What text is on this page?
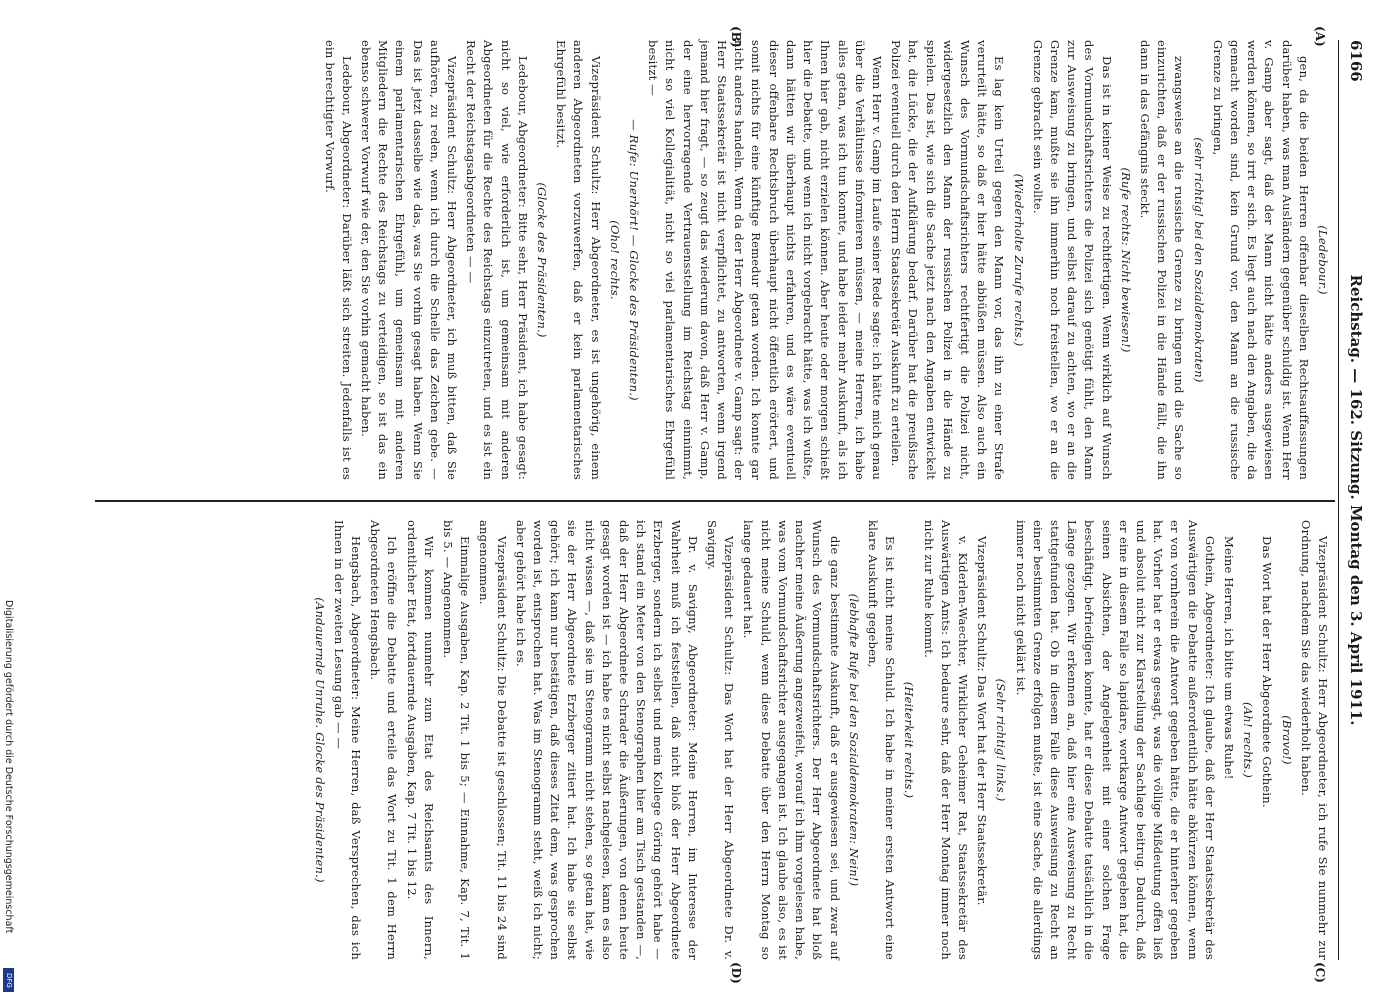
6166
Reichstag. — 162. Sitzung. Montag den 3. April 1911.
(A)
(B)
(C)
(D)

(Ledebour.)

gen, da die beiden Herren offenbar dieselben Rechtsauffassungen darüber haben, was man Ausländern gegenüber schuldig ist. Wenn Herr v. Gamp aber sagt, daß der Mann nicht hätte anders ausgewiesen werden können, so irrt er sich. Es liegt auch nach den Angaben, die da gemacht worden sind, kein Grund vor, den Mann an die russische Grenze zu bringen,

(sehr richtig! bei den Sozialdemokraten)

zwangsweise an die russische Grenze zu bringen und die Sache so einzurichten, daß er der russischen Polizei in die Hände fällt, die ihn dann in das Gefängnis steckt.

(Rufe rechts: Nicht bewiesen!)

Das ist in keiner Weise zu rechtfertigen. Wenn wirklich auf Wunsch des Vormundschaftsrichters die Polizei sich genötigt fühlt, den Mann zur Ausweisung zu bringen, und selbst darauf zu achten, wo er an die Grenze kam, mußte sie ihn immerhin noch freistellen, wo er an die Grenze gebracht sein wollte.

(Wiederholte Zurufe rechts.)

Es lag kein Urteil gegen den Mann vor, das ihn zu einer Strafe verurteilt hätte, so daß er hier hätte abbüßen müssen. Also auch ein Wunsch des Vormundschaftsrichters rechtfertigt die Polizei nicht, widergesetzlich den Mann der russischen Polizei in die Hände zu spielen. Das ist, wie sich die Sache jetzt nach den Angaben entwickelt hat, die Lücke, die der Aufklärung bedarf. Darüber hat die preußische Polizei eventuell durch den Herrn Staatssekretär Auskunft zu erteilen.

Wenn Herr v. Gamp im Laufe seiner Rede sagte: ich hätte mich genau über die Verhältnisse informieren müssen, — meine Herren, ich habe alles getan, was ich tun konnte, und habe leider mehr Auskunft, als ich Ihnen hier gab, nicht erzielen können. Aber heute oder morgen schießt hier die Debatte, und wenn ich nicht vorgebracht hätte, was ich wußte, dann hätten wir überhaupt nichts erfahren, und es wäre eventuell dieser offenbare Rechtsbruch überhaupt nicht öffentlich erörtert, und somit nichts für eine künftige Remedur getan worden. Ich konnte gar nicht anders handeln. Wenn da der Herr Abgeordnete v. Gamp sagt: der Herr Staatssekretär ist nicht verpflichtet, zu antworten, wenn irgend jemand hier fragt, — so zeugt das wiederum davon, daß Herr v. Gamp, der eine hervorragende Vertrauensstellung im Reichstag einnimmt, nicht so viel Kollegialität, nicht so viel parlamentarisches Ehrgefühl besitzt —

— Rufe: Unerhört! — Glocke des Präsidenten.)

(Oho! rechts.

Vizepräsident Schultz: Herr Abgeordneter, es ist ungehörig, einem anderen Abgeordneten vorzuwerfen, daß er kein parlamentarisches Ehrgefühl besitzt.

(Glocke des Präsidenten.)

Ledebour, Abgeordneter: Bitte sehr, Herr Präsident, ich habe gesagt: nicht so viel, wie erforderlich ist, um gemeinsam mit anderen Abgeordneten für die Rechte des Reichstags einzutreten, und es ist ein Recht der Reichstagsabgeordneten — —

Vizepräsident Schultz: Herr Abgeordneter, ich muß bitten, daß Sie aufhören, zu reden, wenn ich durch die Schelle das Zeichen gebe. — Das ist jetzt dasselbe wie das, was Sie vorhin gesagt haben. Wenn Sie einem parlamentarischen Ehrgefühl, um gemeinsam mit anderen Mitgliedern die Rechte des Reichstags zu verteidigen, so ist das ein ebenso schwerer Vorwurf wie der, den Sie vorhin gemacht haben.

Ledebour, Abgeordneter: Darüber läßt sich streiten. Jedenfalls ist es ein berechtigter Vorwurf.

Vizepräsident Schultz: Herr Abgeordneter, ich rufe Sie nunmehr zur Ordnung, nachdem Sie das wiederholt haben.

(Bravo!)

Das Wort hat der Herr Abgeordnete Gothein.

(Ah! rechts.)

Meine Herren, ich bitte um etwas Ruhe!

Gothein, Abgeordneter: Ich glaube, daß der Herr Staatssekretär des Auswärtigen die Debatte außerordentlich hätte abkürzen können, wenn er von vornherein die Antwort gegeben hätte, die er hinterher gegeben hat. Vorher hat er etwas gesagt, was die völlige Mißdeutung offen ließ und absolut nicht zur Klarstellung der Sachlage beitrug. Dadurch, daß er eine in diesem Falle so lapidare, wortkarge Antwort gegeben hat, die seinen Absichten, der Angelegenheit mit einer solchen Frage beschäftigt, befriedigen konnte, hat er diese Debatte tatsächlich in die Länge gezogen. Wir erkennen an, daß hier eine Ausweisung zu Recht stattgefunden hat. Ob in diesem Falle diese Ausweisung zu Recht an einer bestimmten Grenze erfolgen mußte, ist eine Sache, die allerdings immer noch nicht geklärt ist.

(Sehr richtig! links.)

Vizepräsident Schultz: Das Wort hat der Herr Staatssekretär.

v. Kiderlen-Waechter, Wirklicher Geheimer Rat, Staatssekretär des Auswärtigen Amts: Ich bedaure sehr, daß der Herr Montag immer noch nicht zur Ruhe kommt.

(Heiterkeit rechts.)

Es ist nicht meine Schuld. Ich habe in meiner ersten Antwort eine klare Auskunft gegeben,

(lebhafte Rufe bei den Sozialdemokraten: Nein!)

die ganz bestimmte Auskunft, daß er ausgewiesen sei, und zwar auf Wunsch des Vormundschaftsrichters. Der Herr Abgeordnete hat bloß nachher meine Äußerung angezweifelt, worauf ich ihm vorgelesen habe, was vom Vormundschaftsrichter ausgegangen ist. Ich glaube also, es ist nicht meine Schuld, wenn diese Debatte über den Herrn Montag so lange gedauert hat.

Vizepräsident Schultz: Das Wort hat der Herr Abgeordnete Dr. v. Savigny.

Dr. v. Savigny, Abgeordneter: Meine Herren, im Interesse der Wahrheit muß ich feststellen, daß nicht bloß der Herr Abgeordnete Erzberger, sondern ich selbst und mein Kollege Göring gehört habe — ich stand ein Meter von den Stenographen hier am Tisch gestanden —, daß der Herr Abgeordnete Schrader die Äußerungen, von denen heute gesagt worden ist — ich habe es nicht selbst nachgelesen, kann es also nicht wissen —, daß sie im Stenogramm nicht stehen, so getan hat, wie sie der Herr Abgeordnete Erzberger zitiert hat. Ich habe sie selbst gehört; ich kann nur bestätigen, daß dieses Zitat dem, was gesprochen worden ist, entsprochen hat. Was im Stenogramm steht, weiß ich nicht; aber gehört habe ich es.

Vizepräsident Schultz: Die Debatte ist geschlossen; Tit. 11 bis 24 sind angenommen.

Einmalige Ausgaben, Kap. 2 Tit. 1 bis 5; — Einnahme, Kap. 7, Tit. 1 bis 5. — Angenommen.

Wir kommen nunmehr zum Etat des Reichsamts des Innern, ordentlicher Etat, fortdauernde Ausgaben, Kap. 7 Tit. 1 bis 12.

Ich eröffne die Debatte und erteile das Wort zu Tit. 1 dem Herrn Abgeordneten Hengsbach.

Hengsbach, Abgeordneter: Meine Herren, daß Versprechen, das ich Ihnen in der zweiten Lesung gab — —

(Andauernde Unruhe. Glocke des Präsidenten.)

Digitalisierung gefördert durch die Deutsche Forschungsgemeinschaft
DFG
